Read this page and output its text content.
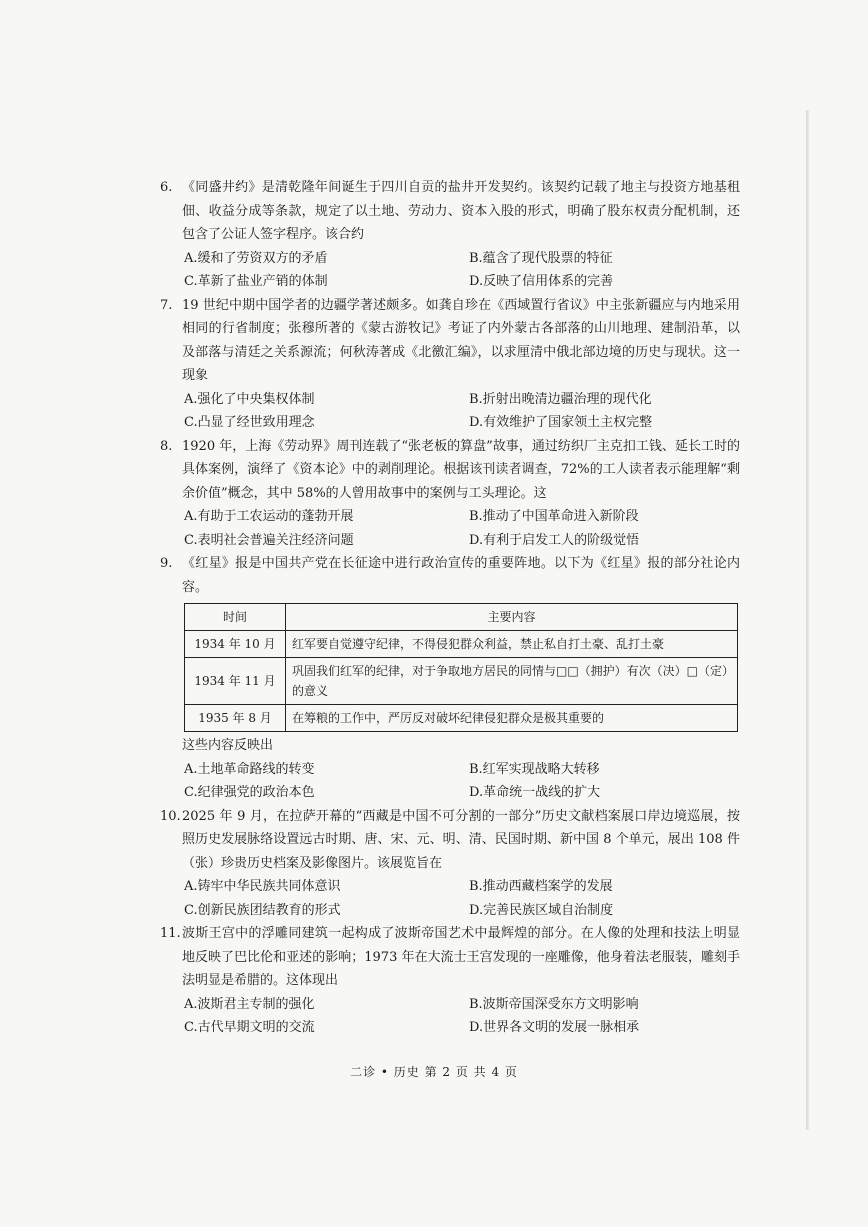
6. 《同盛井约》是清乾隆年间诞生于四川自贡的盐井开发契约。该契约记载了地主与投资方地基租佃、收益分成等条款，规定了以土地、劳动力、资本入股的形式，明确了股东权责分配机制，还包含了公证人签字程序。该合约
A.缓和了劳资双方的矛盾	B.蕴含了现代股票的特征
C.革新了盐业产销的体制	D.反映了信用体系的完善
7. 19 世纪中期中国学者的边疆学著述颇多。如龚自珍在《西域置行省议》中主张新疆应与内地采用相同的行省制度；张穆所著的《蒙古游牧记》考证了内外蒙古各部落的山川地理、建制沿革，以及部落与清廷之关系源流；何秋涛著成《北徼汇编》，以求厘清中俄北部边境的历史与现状。这一现象
A.强化了中央集权体制	B.折射出晚清边疆治理的现代化
C.凸显了经世致用理念	D.有效维护了国家领土主权完整
8. 1920 年，上海《劳动界》周刊连载了“张老板的算盘”故事，通过纺织厂主克扣工钱、延长工时的具体案例，演绎了《资本论》中的剥削理论。根据该刊读者调查，72%的工人读者表示能理解“剩余价值”概念，其中 58%的人曾用故事中的案例与工头理论。这
A.有助于工农运动的蓬勃开展	B.推动了中国革命进入新阶段
C.表明社会普遍关注经济问题	D.有利于启发工人的阶级觉悟
9. 《红星》报是中国共产党在长征途中进行政治宣传的重要阵地。以下为《红星》报的部分社论内容。
时间	主要内容
1934 年 10 月	红军要自觉遵守纪律，不得侵犯群众利益，禁止私自打土豪、乱打土豪
1934 年 11 月	巩固我们红军的纪律，对于争取地方居民的同情与□□（拥护）有次（决）□（定）的意义
1935 年 8 月	在筹粮的工作中，严厉反对破坏纪律侵犯群众是极其重要的
这些内容反映出
A.土地革命路线的转变	B.红军实现战略大转移
C.纪律强党的政治本色	D.革命统一战线的扩大
10. 2025 年 9 月，在拉萨开幕的“西藏是中国不可分割的一部分”历史文献档案展口岸边境巡展，按照历史发展脉络设置远古时期、唐、宋、元、明、清、民国时期、新中国 8 个单元，展出 108 件（张）珍贵历史档案及影像图片。该展览旨在
A.铸牢中华民族共同体意识	B.推动西藏档案学的发展
C.创新民族团结教育的形式	D.完善民族区域自治制度
11. 波斯王宫中的浮雕同建筑一起构成了波斯帝国艺术中最辉煌的部分。在人像的处理和技法上明显地反映了巴比伦和亚述的影响；1973 年在大流士王宫发现的一座雕像，他身着法老服装，雕刻手法明显是希腊的。这体现出
A.波斯君主专制的强化	B.波斯帝国深受东方文明影响
C.古代早期文明的交流	D.世界各文明的发展一脉相承
二诊 • 历史 第 2 页 共 4 页
